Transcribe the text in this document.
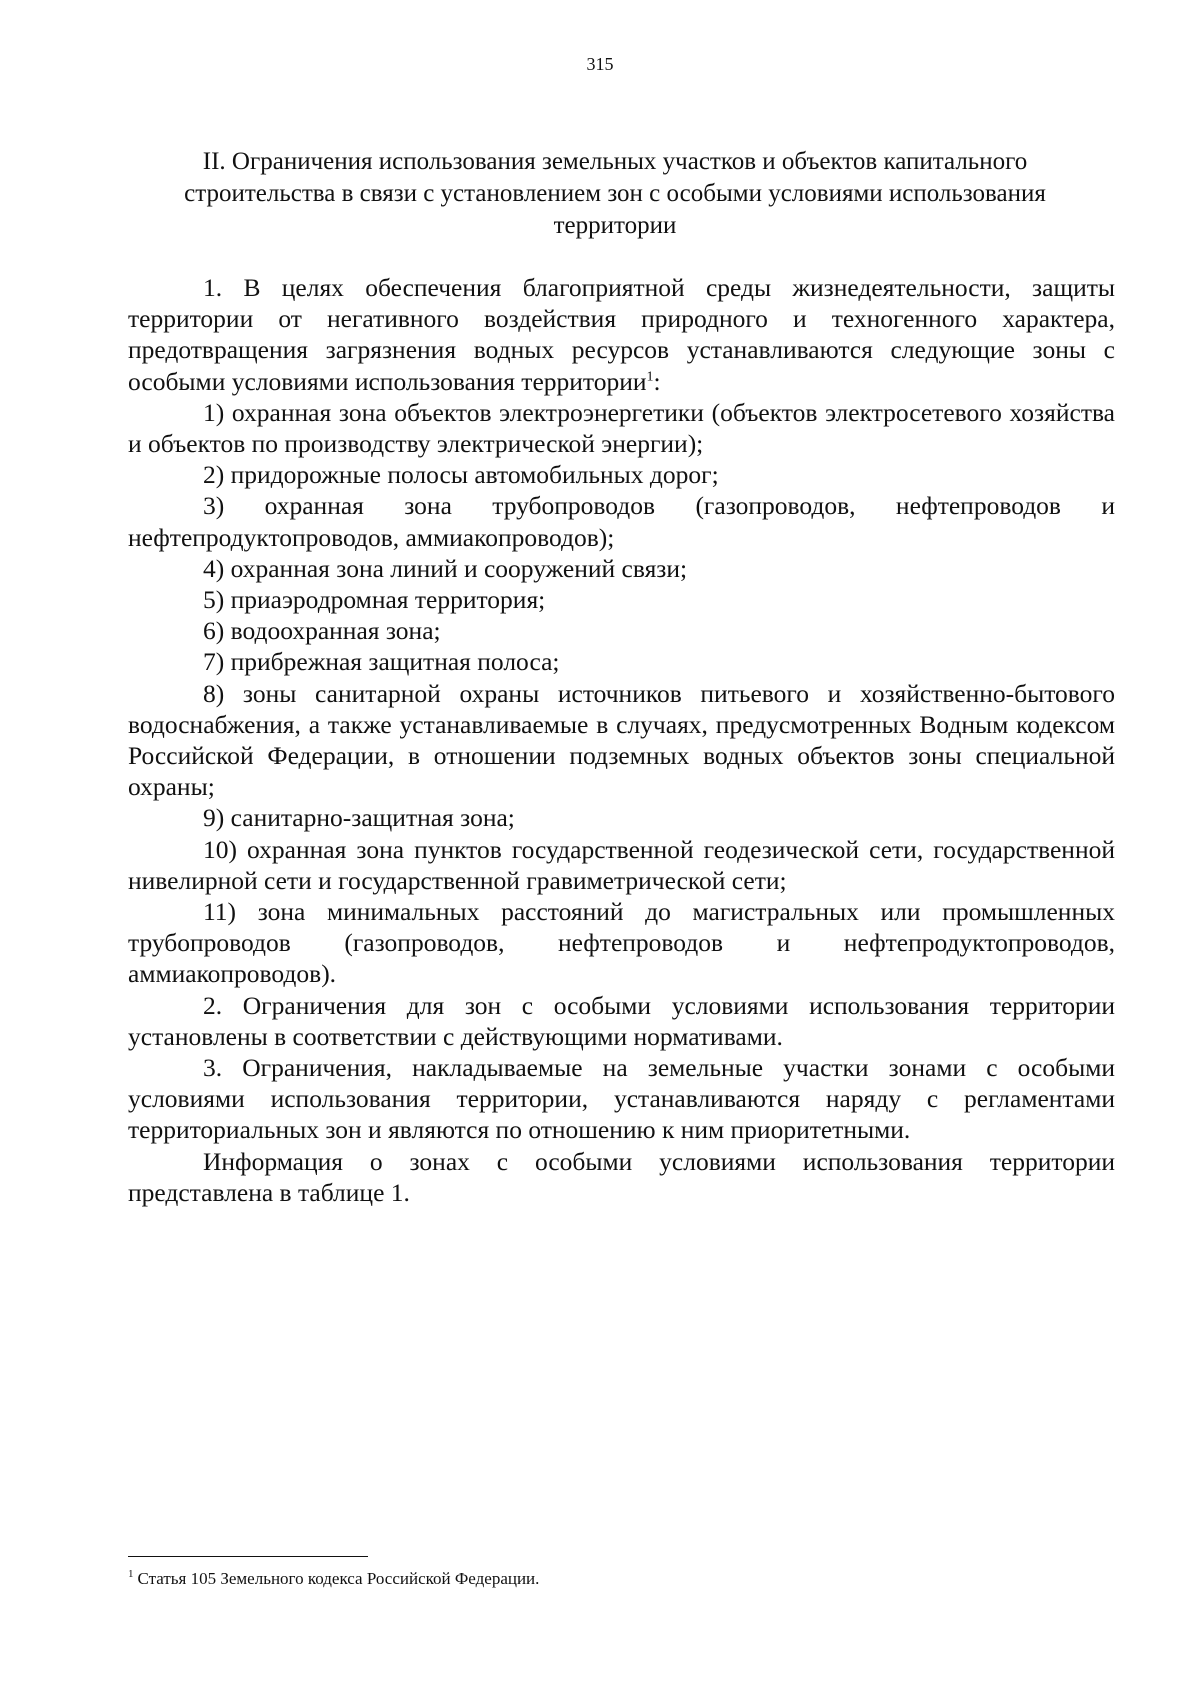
315
II. Ограничения использования земельных участков и объектов капитального строительства в связи с установлением зон с особыми условиями использования территории

1. В целях обеспечения благоприятной среды жизнедеятельности, защиты территории от негативного воздействия природного и техногенного характера, предотвращения загрязнения водных ресурсов устанавливаются следующие зоны с особыми условиями использования территории$^1$:

1) охранная зона объектов электроэнергетики (объектов электросетевого хозяйства и объектов по производству электрической энергии);

2) придорожные полосы автомобильных дорог;

3) охранная зона трубопроводов (газопроводов, нефтепроводов и нефтепродуктопроводов, аммиакопроводов);

4) охранная зона линий и сооружений связи;

5) приаэродромная территория;

6) водоохранная зона;

7) прибрежная защитная полоса;

8) зоны санитарной охраны источников питьевого и хозяйственно-бытового водоснабжения, а также устанавливаемые в случаях, предусмотренных Водным кодексом Российской Федерации, в отношении подземных водных объектов зоны специальной охраны;

9) санитарно-защитная зона;

10) охранная зона пунктов государственной геодезической сети, государственной нивелирной сети и государственной гравиметрической сети;

11) зона минимальных расстояний до магистральных или промышленных трубопроводов (газопроводов, нефтепроводов и нефтепродуктопроводов, аммиакопроводов).

2. Ограничения для зон с особыми условиями использования территории установлены в соответствии с действующими нормативами.

3. Ограничения, накладываемые на земельные участки зонами с особыми условиями использования территории, устанавливаются наряду с регламентами территориальных зон и являются по отношению к ним приоритетными.

Информация о зонах с особыми условиями использования территории представлена в таблице 1.

$^1$ Статья 105 Земельного кодекса Российской Федерации.
